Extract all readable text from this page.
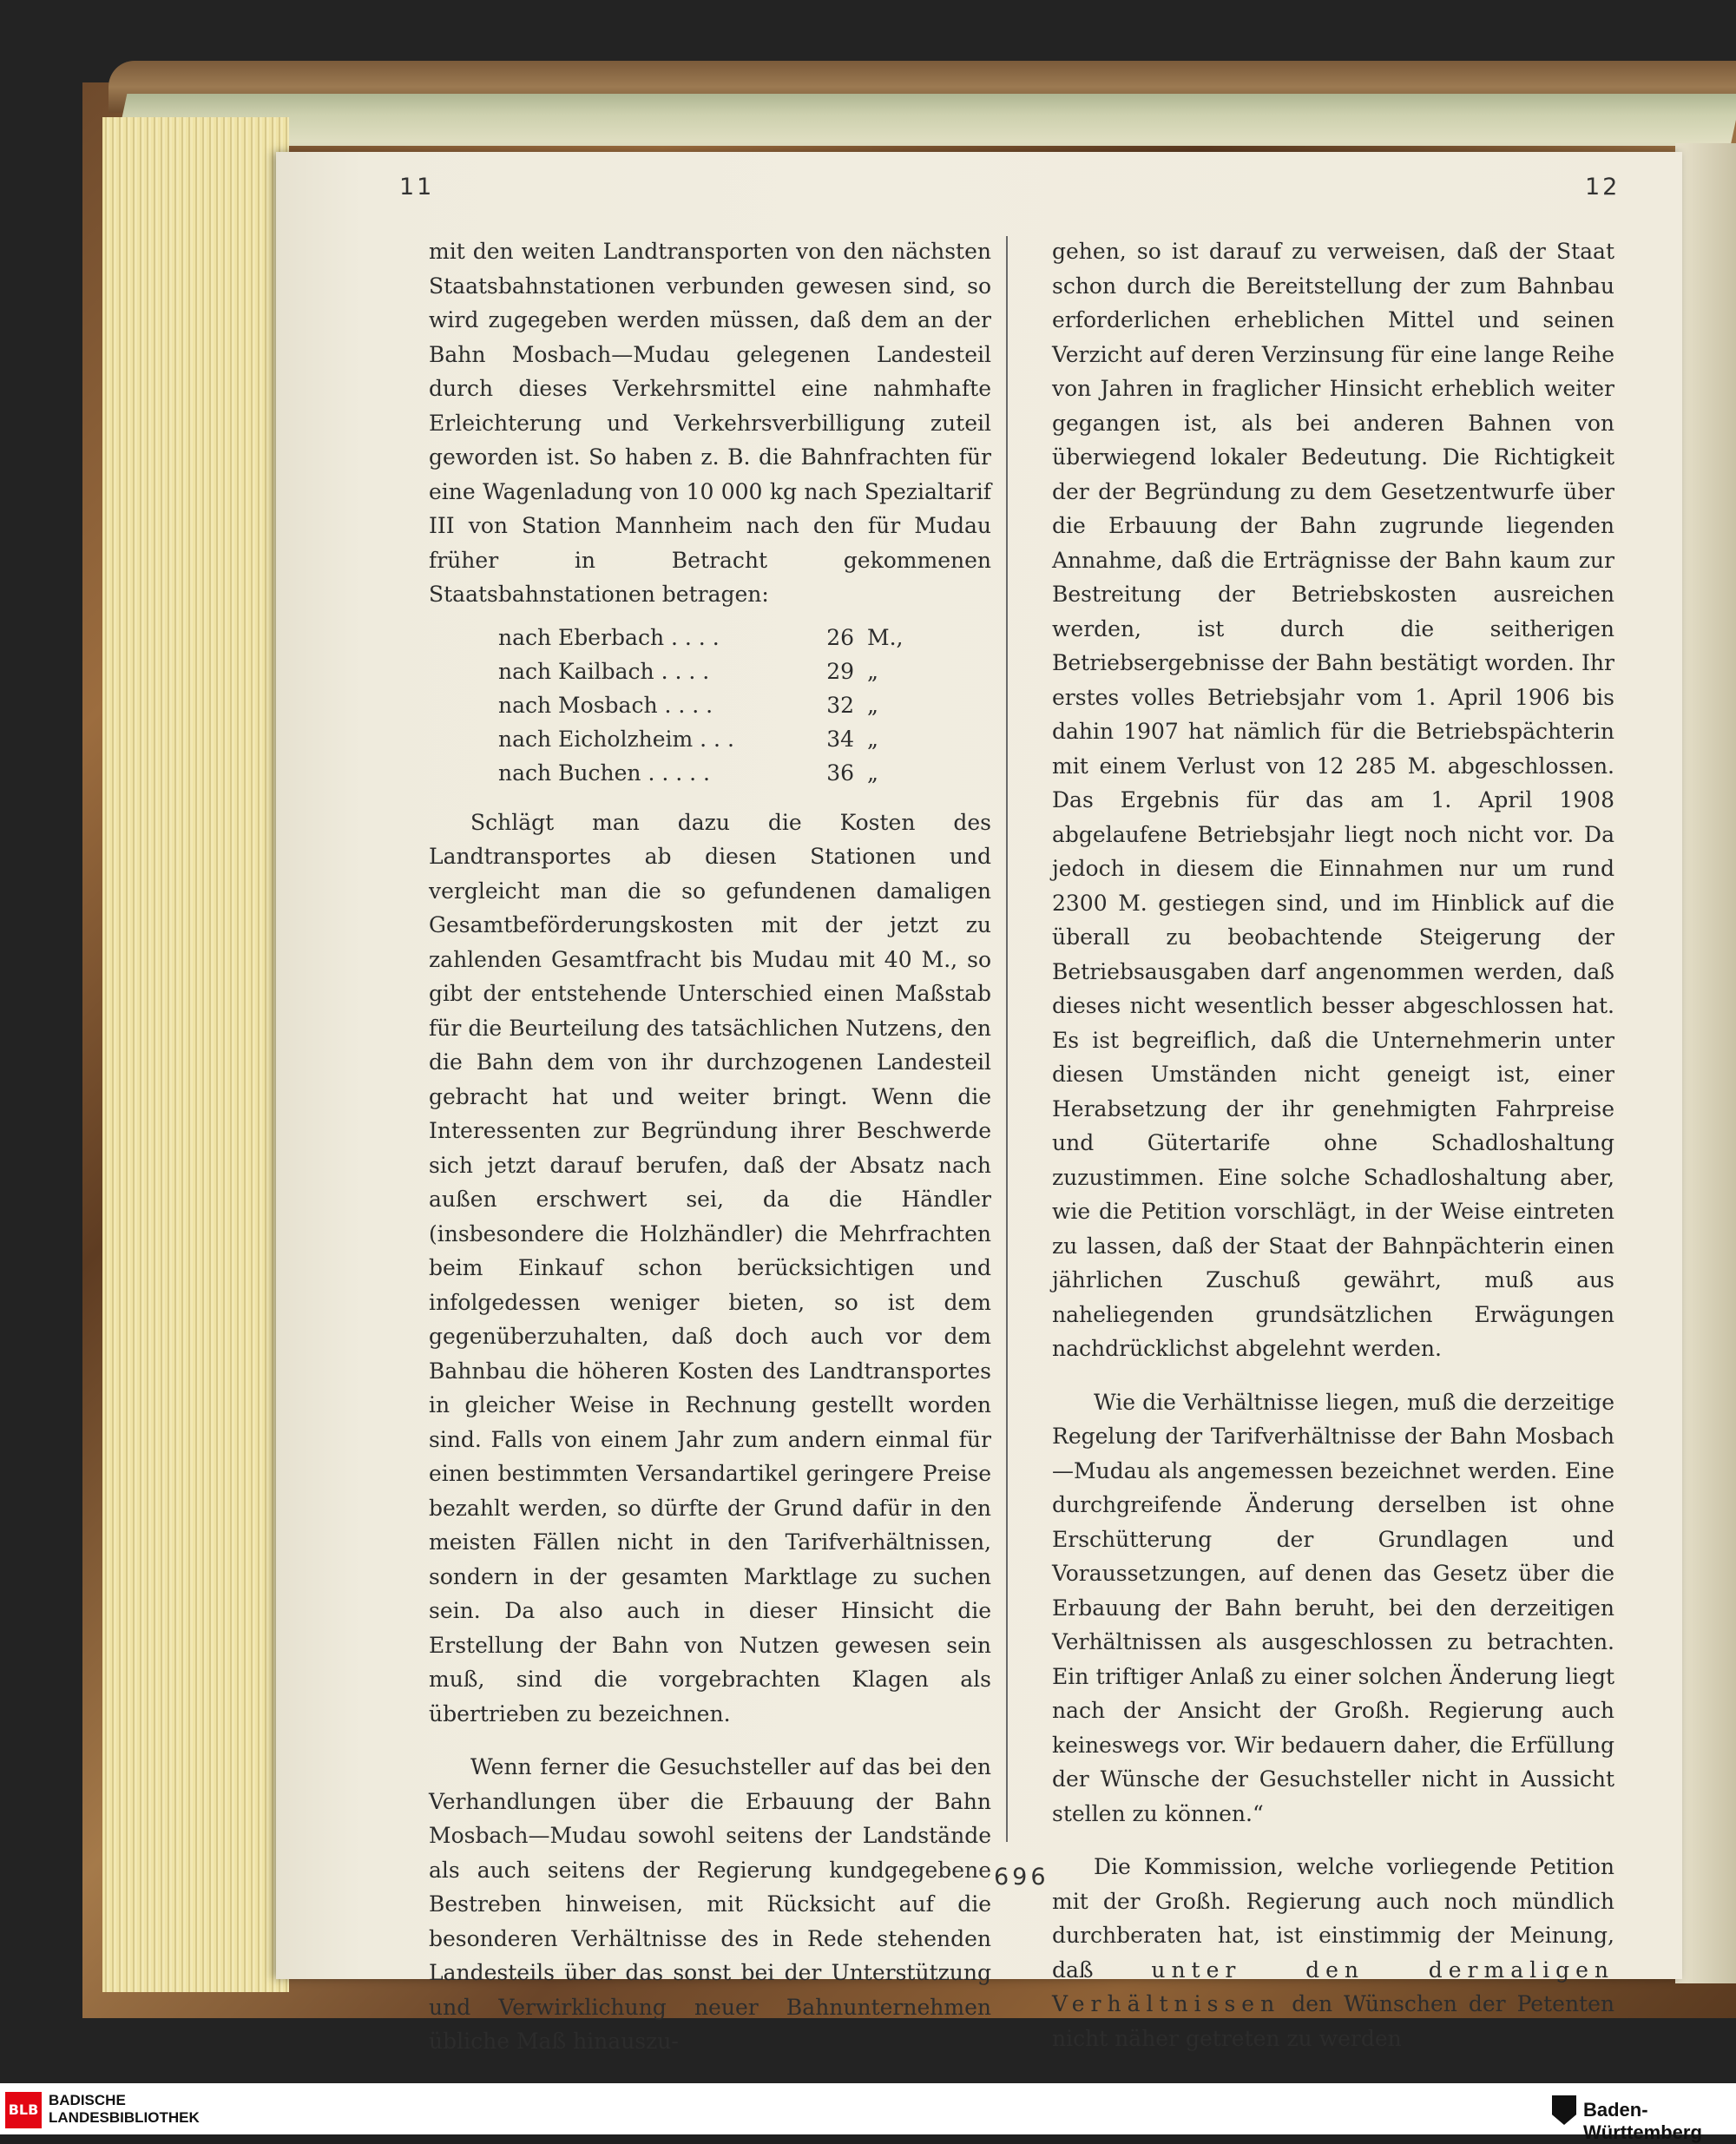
11	12

mit den weiten Landtransporten von den nächsten Staatsbahnstationen verbunden gewesen sind, so wird zugegeben werden müssen, daß dem an der Bahn Mosbach—Mudau gelegenen Landesteil durch dieses Verkehrsmittel eine nahmhafte Erleichterung und Verkehrsverbilligung zuteil geworden ist. So haben z. B. die Bahnfrachten für eine Wagenladung von 10 000 kg nach Spezialtarif III von Station Mannheim nach den für Mudau früher in Betracht gekommenen Staatsbahnstationen betragen:

nach Eberbach . . . .	26 M.,
nach Kailbach . . . .	29 „
nach Mosbach . . . .	32 „
nach Eicholzheim . . .	34 „
nach Buchen . . . . .	36 „

Schlägt man dazu die Kosten des Landtransportes ab diesen Stationen und vergleicht man die so gefundenen damaligen Gesamtbeförderungskosten mit der jetzt zu zahlenden Gesamtfracht bis Mudau mit 40 M., so gibt der entstehende Unterschied einen Maßstab für die Beurteilung des tatsächlichen Nutzens, den die Bahn dem von ihr durchzogenen Landesteil gebracht hat und weiter bringt. Wenn die Interessenten zur Begründung ihrer Beschwerde sich jetzt darauf berufen, daß der Absatz nach außen erschwert sei, da die Händler (insbesondere die Holzhändler) die Mehrfrachten beim Einkauf schon berücksichtigen und infolgedessen weniger bieten, so ist dem gegenüberzuhalten, daß doch auch vor dem Bahnbau die höheren Kosten des Landtransportes in gleicher Weise in Rechnung gestellt worden sind. Falls von einem Jahr zum andern einmal für einen bestimmten Versandartikel geringere Preise bezahlt werden, so dürfte der Grund dafür in den meisten Fällen nicht in den Tarifverhältnissen, sondern in der gesamten Marktlage zu suchen sein. Da also auch in dieser Hinsicht die Erstellung der Bahn von Nutzen gewesen sein muß, sind die vorgebrachten Klagen als übertrieben zu bezeichnen.

Wenn ferner die Gesuchsteller auf das bei den Verhandlungen über die Erbauung der Bahn Mosbach—Mudau sowohl seitens der Landstände als auch seitens der Regierung kundgegebene Bestreben hinweisen, mit Rücksicht auf die besonderen Verhältnisse des in Rede stehenden Landesteils über das sonst bei der Unterstützung und Verwirklichung neuer Bahnunternehmen übliche Maß hinauszu-

gehen, so ist darauf zu verweisen, daß der Staat schon durch die Bereitstellung der zum Bahnbau erforderlichen erheblichen Mittel und seinen Verzicht auf deren Verzinsung für eine lange Reihe von Jahren in fraglicher Hinsicht erheblich weiter gegangen ist, als bei anderen Bahnen von überwiegend lokaler Bedeutung. Die Richtigkeit der der Begründung zu dem Gesetzentwurfe über die Erbauung der Bahn zugrunde liegenden Annahme, daß die Erträgnisse der Bahn kaum zur Bestreitung der Betriebskosten ausreichen werden, ist durch die seitherigen Betriebsergebnisse der Bahn bestätigt worden. Ihr erstes volles Betriebsjahr vom 1. April 1906 bis dahin 1907 hat nämlich für die Betriebspächterin mit einem Verlust von 12 285 M. abgeschlossen. Das Ergebnis für das am 1. April 1908 abgelaufene Betriebsjahr liegt noch nicht vor. Da jedoch in diesem die Einnahmen nur um rund 2300 M. gestiegen sind, und im Hinblick auf die überall zu beobachtende Steigerung der Betriebsausgaben darf angenommen werden, daß dieses nicht wesentlich besser abgeschlossen hat. Es ist begreiflich, daß die Unternehmerin unter diesen Umständen nicht geneigt ist, einer Herabsetzung der ihr genehmigten Fahrpreise und Gütertarife ohne Schadloshaltung zuzustimmen. Eine solche Schadloshaltung aber, wie die Petition vorschlägt, in der Weise eintreten zu lassen, daß der Staat der Bahnpächterin einen jährlichen Zuschuß gewährt, muß aus naheliegenden grundsätzlichen Erwägungen nachdrücklichst abgelehnt werden.

Wie die Verhältnisse liegen, muß die derzeitige Regelung der Tarifverhältnisse der Bahn Mosbach —Mudau als angemessen bezeichnet werden. Eine durchgreifende Änderung derselben ist ohne Erschütterung der Grundlagen und Voraussetzungen, auf denen das Gesetz über die Erbauung der Bahn beruht, bei den derzeitigen Verhältnissen als ausgeschlossen zu betrachten. Ein triftiger Anlaß zu einer solchen Änderung liegt nach der Ansicht der Großh. Regierung auch keineswegs vor. Wir bedauern daher, die Erfüllung der Wünsche der Gesuchsteller nicht in Aussicht stellen zu können.“

Die Kommission, welche vorliegende Petition mit der Großh. Regierung auch noch mündlich durchberaten hat, ist einstimmig der Meinung, daß	unter den dermaligen Verhältnissen den Wünschen der Petenten nicht näher getreten zu werden

696
BLB
BADISCHE
LANDESBIBLIOTHEK	Baden-Württemberg
